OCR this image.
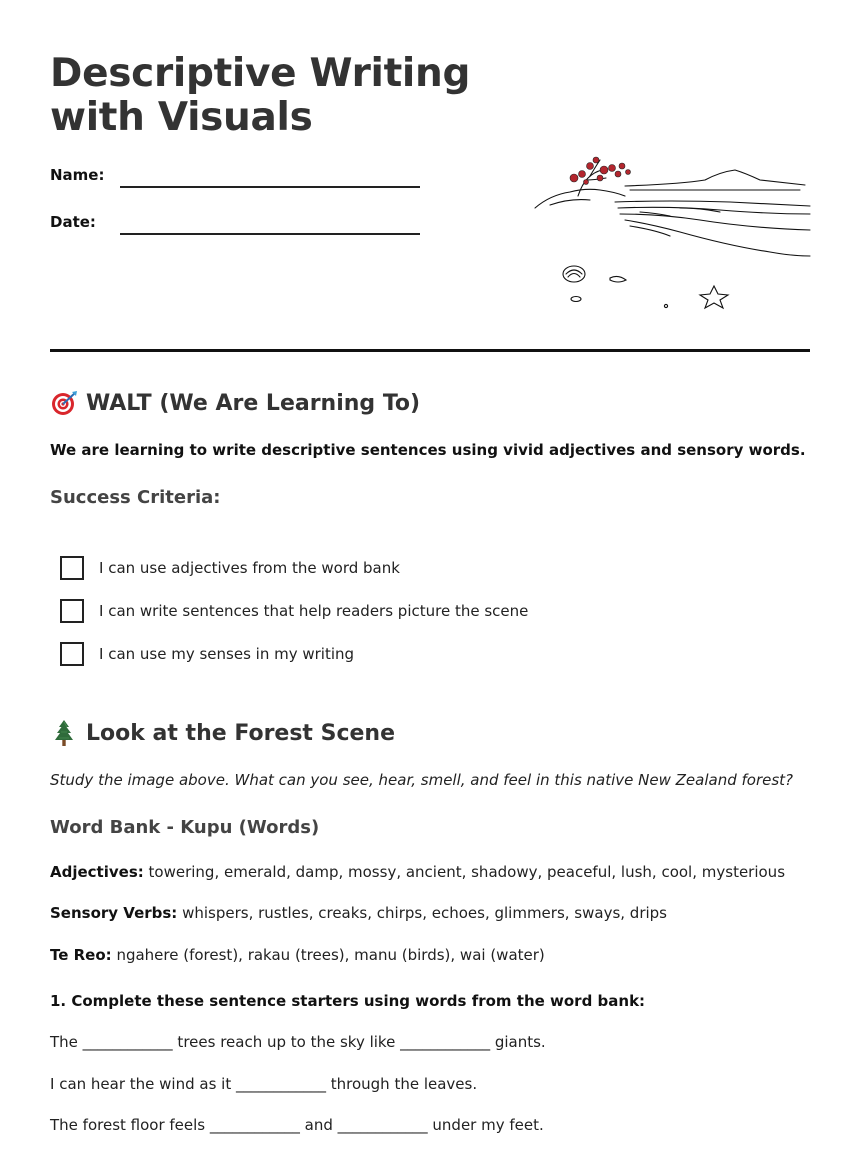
Descriptive Writing with Visuals
Name:
Date:
WALT (We Are Learning To)

We are learning to write descriptive sentences using vivid adjectives and sensory words.

Success Criteria:
I can use adjectives from the word bank
I can write sentences that help readers picture the scene
I can use my senses in my writing
Look at the Forest Scene

Study the image above. What can you see, hear, smell, and feel in this native New Zealand forest?

Word Bank - Kupu (Words)

Adjectives: towering, emerald, damp, mossy, ancient, shadowy, peaceful, lush, cool, mysterious

Sensory Verbs: whispers, rustles, creaks, chirps, echoes, glimmers, sways, drips

Te Reo: ngahere (forest), rakau (trees), manu (birds), wai (water)

1. Complete these sentence starters using words from the word bank:

The ____________ trees reach up to the sky like ____________ giants.

I can hear the wind as it ____________ through the leaves.

The forest floor feels ____________ and ____________ under my feet.
